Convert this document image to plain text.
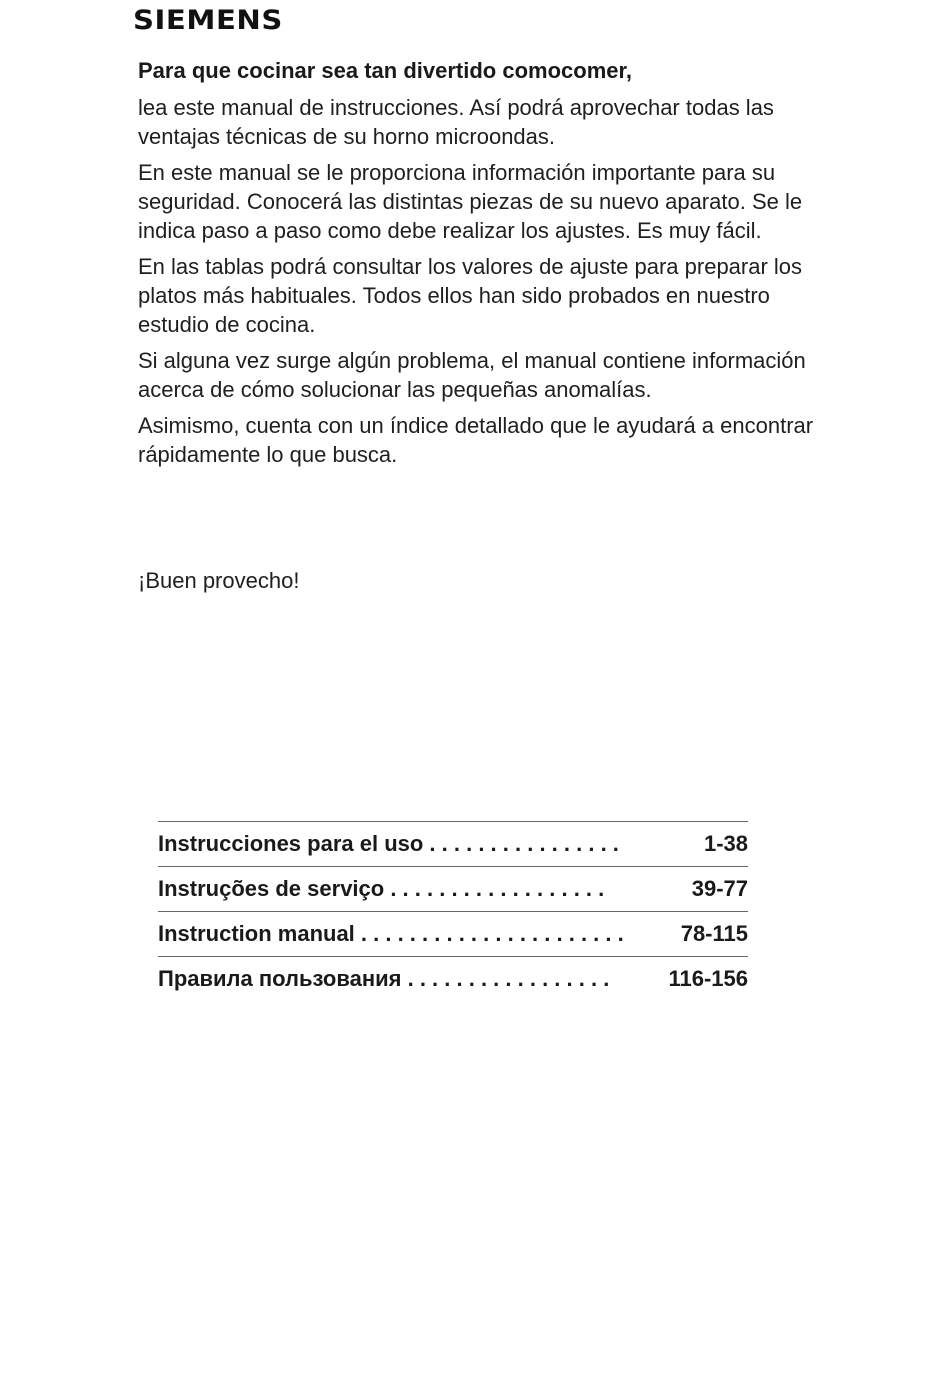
SIEMENS

Para que cocinar sea tan divertido comocomer,

lea este manual de instrucciones. Así podrá aprovechar todas las ventajas técnicas de su horno microondas.

En este manual se le proporciona información importante para su seguridad. Conocerá las distintas piezas de su nuevo aparato. Se le indica paso a paso como debe realizar los ajustes. Es muy fácil.

En las tablas podrá consultar los valores de ajuste para preparar los platos más habituales. Todos ellos han sido probados en nuestro estudio de cocina.

Si alguna vez surge algún problema, el manual contiene información acerca de cómo solucionar las pequeñas anomalías.

Asimismo, cuenta con un índice detallado que le ayudará a encontrar rápidamente lo que busca.

¡Buen provecho!

Instrucciones para el uso . . . . . . . . . . . . . . . .	1-38
Instruções de serviço . . . . . . . . . . . . . . . . . .	39-77
Instruction manual . . . . . . . . . . . . . . . . . . . . . .	78-115
Правила пользования . . . . . . . . . . . . . . . . .	116-156
